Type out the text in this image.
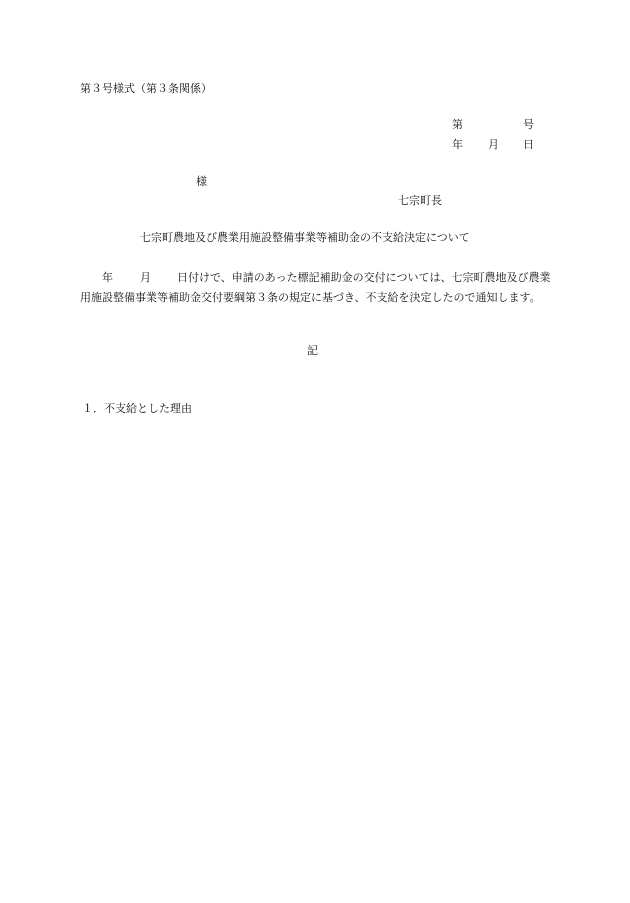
第３号様式（第３条関係）
第	号
年 月 日
様
七宗町長
七宗町農地及び農業用施設整備事業等補助金の不支給決定について
年 月 日付けで、申請のあった標記補助金の交付については、七宗町農地及び農業用施設整備事業等補助金交付要綱第３条の規定に基づき、不支給を決定したので通知します。
記
１．不支給とした理由
